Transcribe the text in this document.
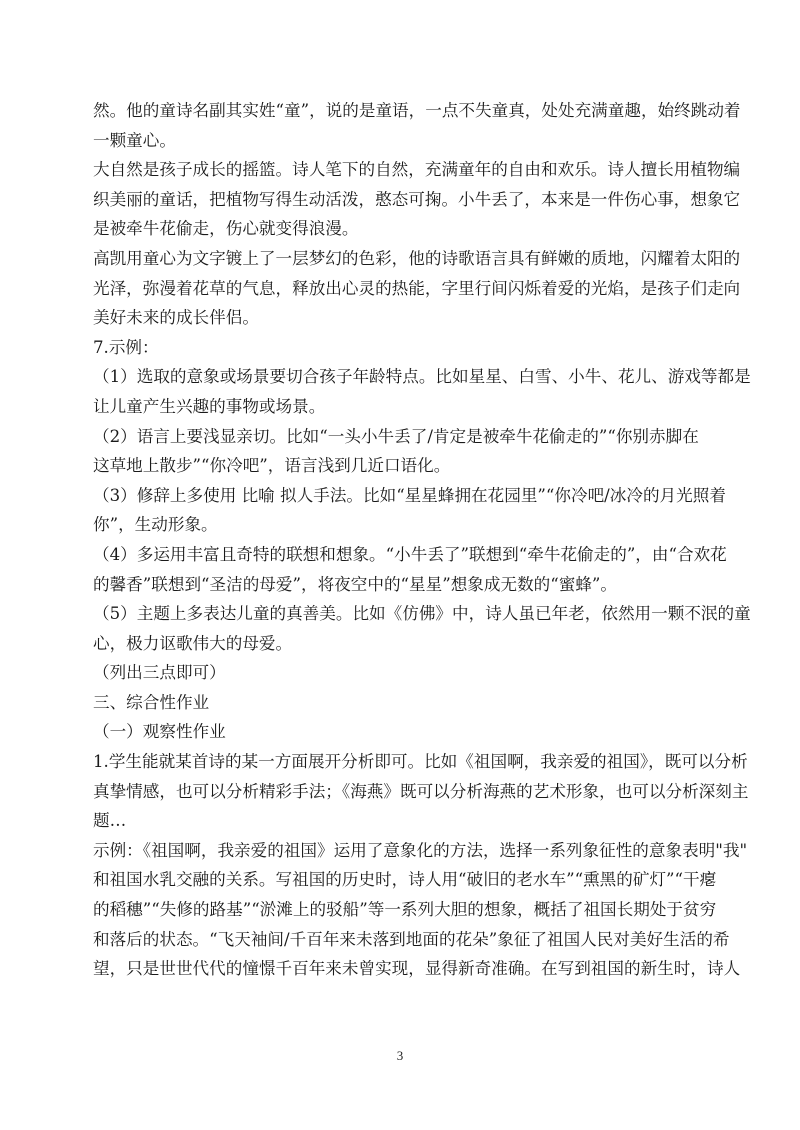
然。他的童诗名副其实姓“童”，说的是童语，一点不失童真，处处充满童趣，始终跳动着
一颗童心。
大自然是孩子成长的摇篮。诗人笔下的自然，充满童年的自由和欢乐。诗人擅长用植物编
织美丽的童话，把植物写得生动活泼，憨态可掬。小牛丢了，本来是一件伤心事，想象它
是被牵牛花偷走，伤心就变得浪漫。
高凯用童心为文字镀上了一层梦幻的色彩，他的诗歌语言具有鲜嫩的质地，闪耀着太阳的
光泽，弥漫着花草的气息，释放出心灵的热能，字里行间闪烁着爱的光焰，是孩子们走向
美好未来的成长伴侣。
7.示例：
（1）选取的意象或场景要切合孩子年龄特点。比如星星、白雪、小牛、花儿、游戏等都是
让儿童产生兴趣的事物或场景。
（2）语言上要浅显亲切。比如“一头小牛丢了/肯定是被牵牛花偷走的”“你别赤脚在
这草地上散步”“你冷吧”，语言浅到几近口语化。
（3）修辞上多使用 比喻 拟人手法。比如“星星蜂拥在花园里”“你冷吧/冰冷的月光照着
你”，生动形象。
（4）多运用丰富且奇特的联想和想象。“小牛丢了”联想到“牵牛花偷走的”，由“合欢花
的馨香”联想到“圣洁的母爱”，将夜空中的“星星”想象成无数的“蜜蜂”。
（5）主题上多表达儿童的真善美。比如《仿佛》中，诗人虽已年老，依然用一颗不泯的童
心，极力讴歌伟大的母爱。
（列出三点即可）
三、综合性作业
（一）观察性作业
1.学生能就某首诗的某一方面展开分析即可。比如《祖国啊，我亲爱的祖国》，既可以分析
真挚情感，也可以分析精彩手法；《海燕》既可以分析海燕的艺术形象，也可以分析深刻主
题…
示例：《祖国啊，我亲爱的祖国》运用了意象化的方法，选择一系列象征性的意象表明"我"
和祖国水乳交融的关系。写祖国的历史时，诗人用“破旧的老水车”“熏黑的矿灯”“干瘪
的稻穗”“失修的路基”“淤滩上的驳船”等一系列大胆的想象，概括了祖国长期处于贫穷
和落后的状态。“飞天袖间/千百年来未落到地面的花朵”象征了祖国人民对美好生活的希
望，只是世世代代的憧憬千百年来未曾实现，显得新奇准确。在写到祖国的新生时，诗人
3
